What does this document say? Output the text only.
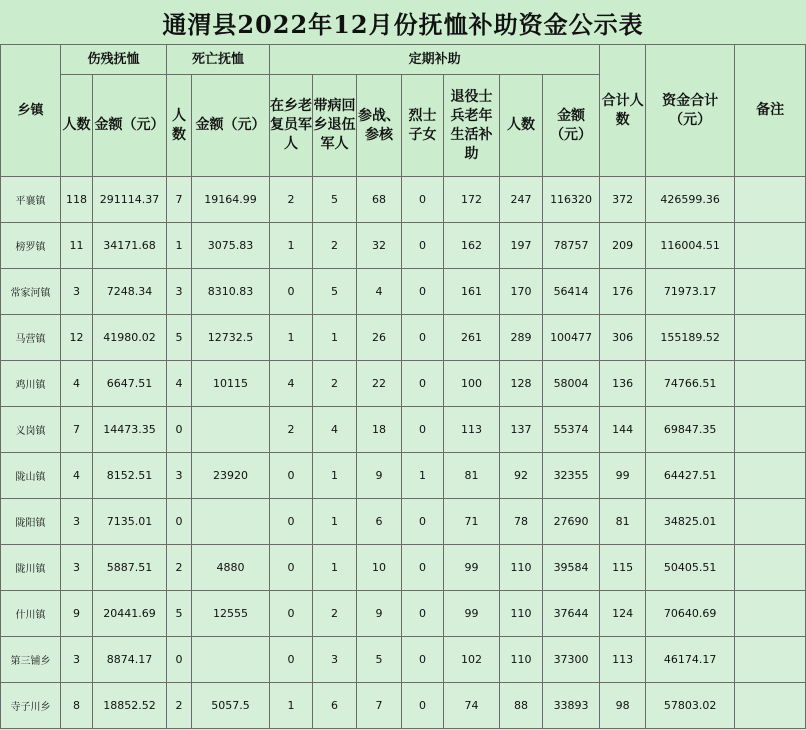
通渭县2022年12月份抚恤补助资金公示表
乡镇	伤残抚恤		死亡抚恤		定期补助							合计人数	资金合计（元）	备注
	人数	金额（元）	人数	金额（元）	在乡老复员军人	带病回乡退伍军人	参战、参核	烈士子女	退役士兵老年生活补助	人数	金额（元）			
平襄镇	118	291114.37	7	19164.99	2	5	68	0	172	247	116320	372	426599.36	
榜罗镇	11	34171.68	1	3075.83	1	2	32	0	162	197	78757	209	116004.51	
常家河镇	3	7248.34	3	8310.83	0	5	4	0	161	170	56414	176	71973.17	
马营镇	12	41980.02	5	12732.5	1	1	26	0	261	289	100477	306	155189.52	
鸡川镇	4	6647.51	4	10115	4	2	22	0	100	128	58004	136	74766.51	
义岗镇	7	14473.35	0		2	4	18	0	113	137	55374	144	69847.35	
陇山镇	4	8152.51	3	23920	0	1	9	1	81	92	32355	99	64427.51	
陇阳镇	3	7135.01	0		0	1	6	0	71	78	27690	81	34825.01	
陇川镇	3	5887.51	2	4880	0	1	10	0	99	110	39584	115	50405.51	
什川镇	9	20441.69	5	12555	0	2	9	0	99	110	37644	124	70640.69	
第三铺乡	3	8874.17	0		0	3	5	0	102	110	37300	113	46174.17	
寺子川乡	8	18852.52	2	5057.5	1	6	7	0	74	88	33893	98	57803.02	
